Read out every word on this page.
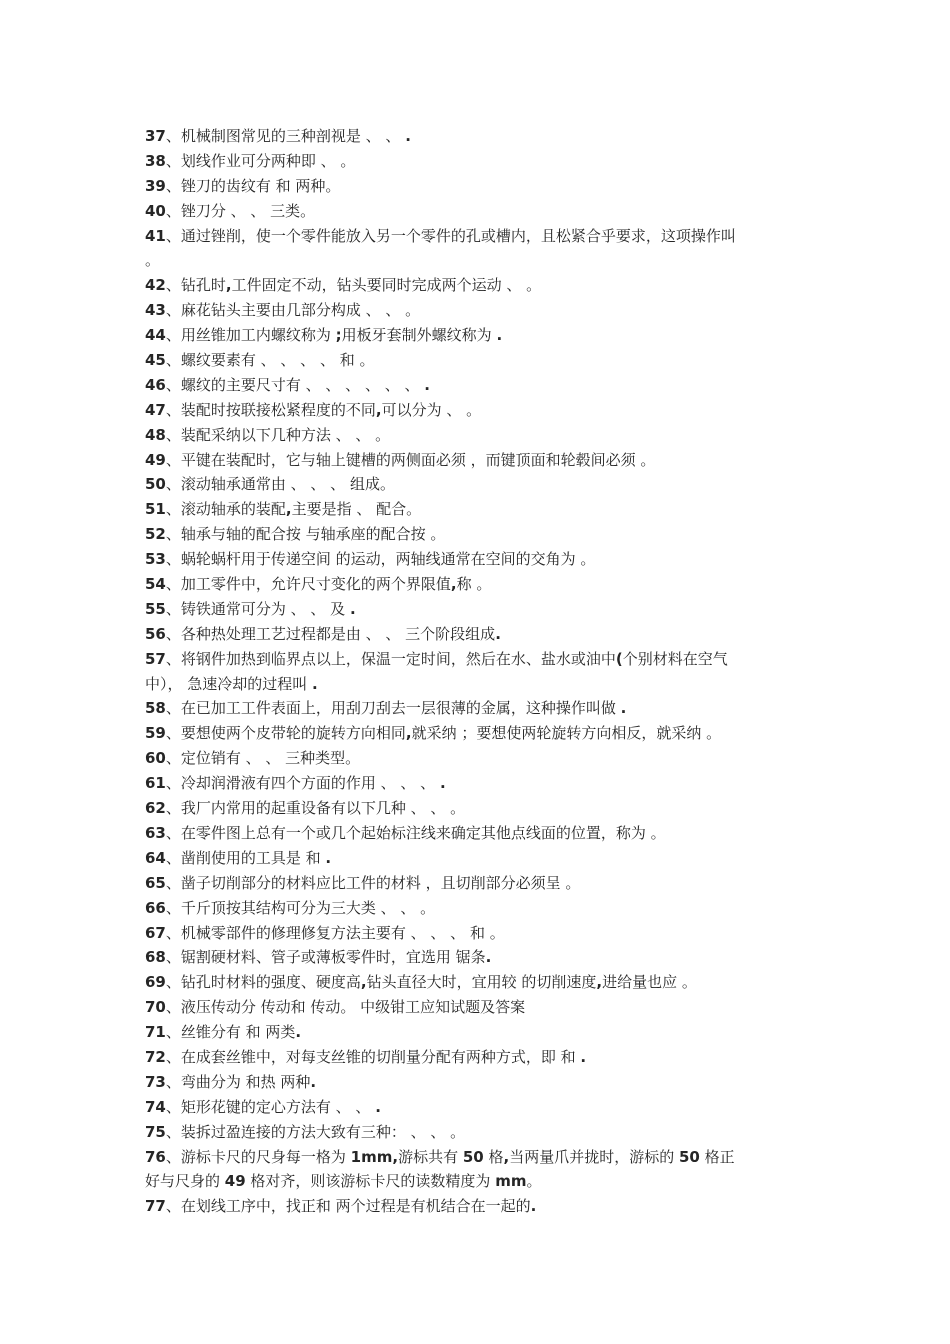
37、机械制图常见的三种剖视是 、 、 .
38、划线作业可分两种即 、 。
39、锉刀的齿纹有 和 两种。
40、锉刀分 、 、 三类。
41、通过锉削，使一个零件能放入另一个零件的孔或槽内，且松紧合乎要求，这项操作叫
。
42、钻孔时,工件固定不动，钻头要同时完成两个运动 、 。
43、麻花钻头主要由几部分构成 、 、 。
44、用丝锥加工内螺纹称为 ;用板牙套制外螺纹称为 .
45、螺纹要素有 、 、 、 、 和 。
46、螺纹的主要尺寸有 、 、 、 、 、 、 .
47、装配时按联接松紧程度的不同,可以分为 、 。
48、装配采纳以下几种方法 、 、 。
49、平键在装配时，它与轴上键槽的两侧面必须 ，而键顶面和轮毂间必须 。
50、滚动轴承通常由 、 、 、 组成。
51、滚动轴承的装配,主要是指 、 配合。
52、轴承与轴的配合按 与轴承座的配合按 。
53、蜗轮蜗杆用于传递空间 的运动，两轴线通常在空间的交角为 。
54、加工零件中，允许尺寸变化的两个界限值,称 。
55、铸铁通常可分为 、 、 及 .
56、各种热处理工艺过程都是由 、 、 三个阶段组成.
57、将钢件加热到临界点以上，保温一定时间，然后在水、盐水或油中(个别材料在空气
中）， 急速冷却的过程叫 .
58、在已加工工件表面上，用刮刀刮去一层很薄的金属，这种操作叫做 .
59、要想使两个皮带轮的旋转方向相同,就采纳 ；要想使两轮旋转方向相反，就采纳 。
60、定位销有 、 、 三种类型。
61、冷却润滑液有四个方面的作用 、 、 、 .
62、我厂内常用的起重设备有以下几种 、 、 。
63、在零件图上总有一个或几个起始标注线来确定其他点线面的位置，称为 。
64、凿削使用的工具是 和 .
65、凿子切削部分的材料应比工件的材料 ，且切削部分必须呈 。
66、千斤顶按其结构可分为三大类 、 、 。
67、机械零部件的修理修复方法主要有 、 、 、 和 。
68、锯割硬材料、管子或薄板零件时，宜选用 锯条.
69、钻孔时材料的强度、硬度高,钻头直径大时，宜用较 的切削速度,进给量也应 。
70、液压传动分 传动和 传动。 中级钳工应知试题及答案
71、丝锥分有 和 两类.
72、在成套丝锥中，对每支丝锥的切削量分配有两种方式，即 和 .
73、弯曲分为 和热 两种.
74、矩形花键的定心方法有 、 、 .
75、装拆过盈连接的方法大致有三种： 、 、 。
76、游标卡尺的尺身每一格为 1mm,游标共有 50 格,当两量爪并拢时，游标的 50 格正
好与尺身的 49 格对齐，则该游标卡尺的读数精度为 mm。
77、在划线工序中，找正和 两个过程是有机结合在一起的.
